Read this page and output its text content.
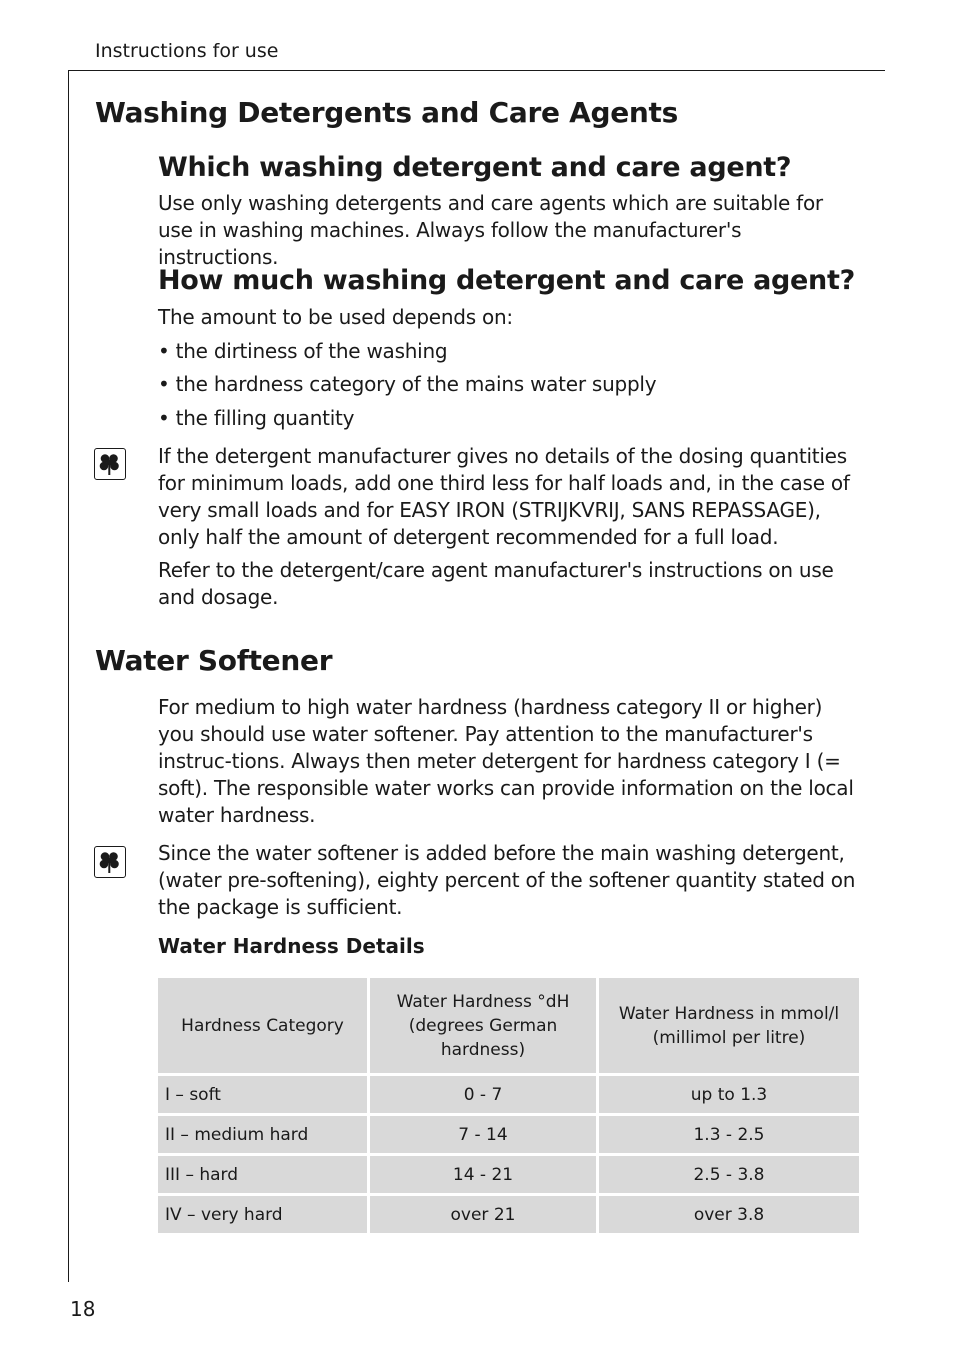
Instructions for use
Washing Detergents and Care Agents
Which washing detergent and care agent?
Use only washing detergents and care agents which are suitable for use in washing machines. Always follow the manufacturer's instructions.
How much washing detergent and care agent?
The amount to be used depends on:
• the dirtiness of the washing
• the hardness category of the mains water supply
• the filling quantity
If the detergent manufacturer gives no details of the dosing quantities for minimum loads, add one third less for half loads and, in the case of very small loads and for EASY IRON (STRIJKVRIJ, SANS REPASSAGE), only half the amount of detergent recommended for a full load.
Refer to the detergent/care agent manufacturer's instructions on use and dosage.
Water Softener
For medium to high water hardness (hardness category II or higher) you should use water softener. Pay attention to the manufacturer's instruc-tions. Always then meter detergent for hardness category I (= soft). The responsible water works can provide information on the local water hardness.
Since the water softener is added before the main washing detergent, (water pre-softening), eighty percent of the softener quantity stated on the package is sufficient.
Water Hardness Details
Hardness Category	Water Hardness °dH (degrees German hardness)	Water Hardness in mmol/l (millimol per litre)
I – soft	0 - 7	up to 1.3
II – medium hard	7 - 14	1.3 - 2.5
III – hard	14 - 21	2.5 - 3.8
IV – very hard	over 21	over 3.8
18
